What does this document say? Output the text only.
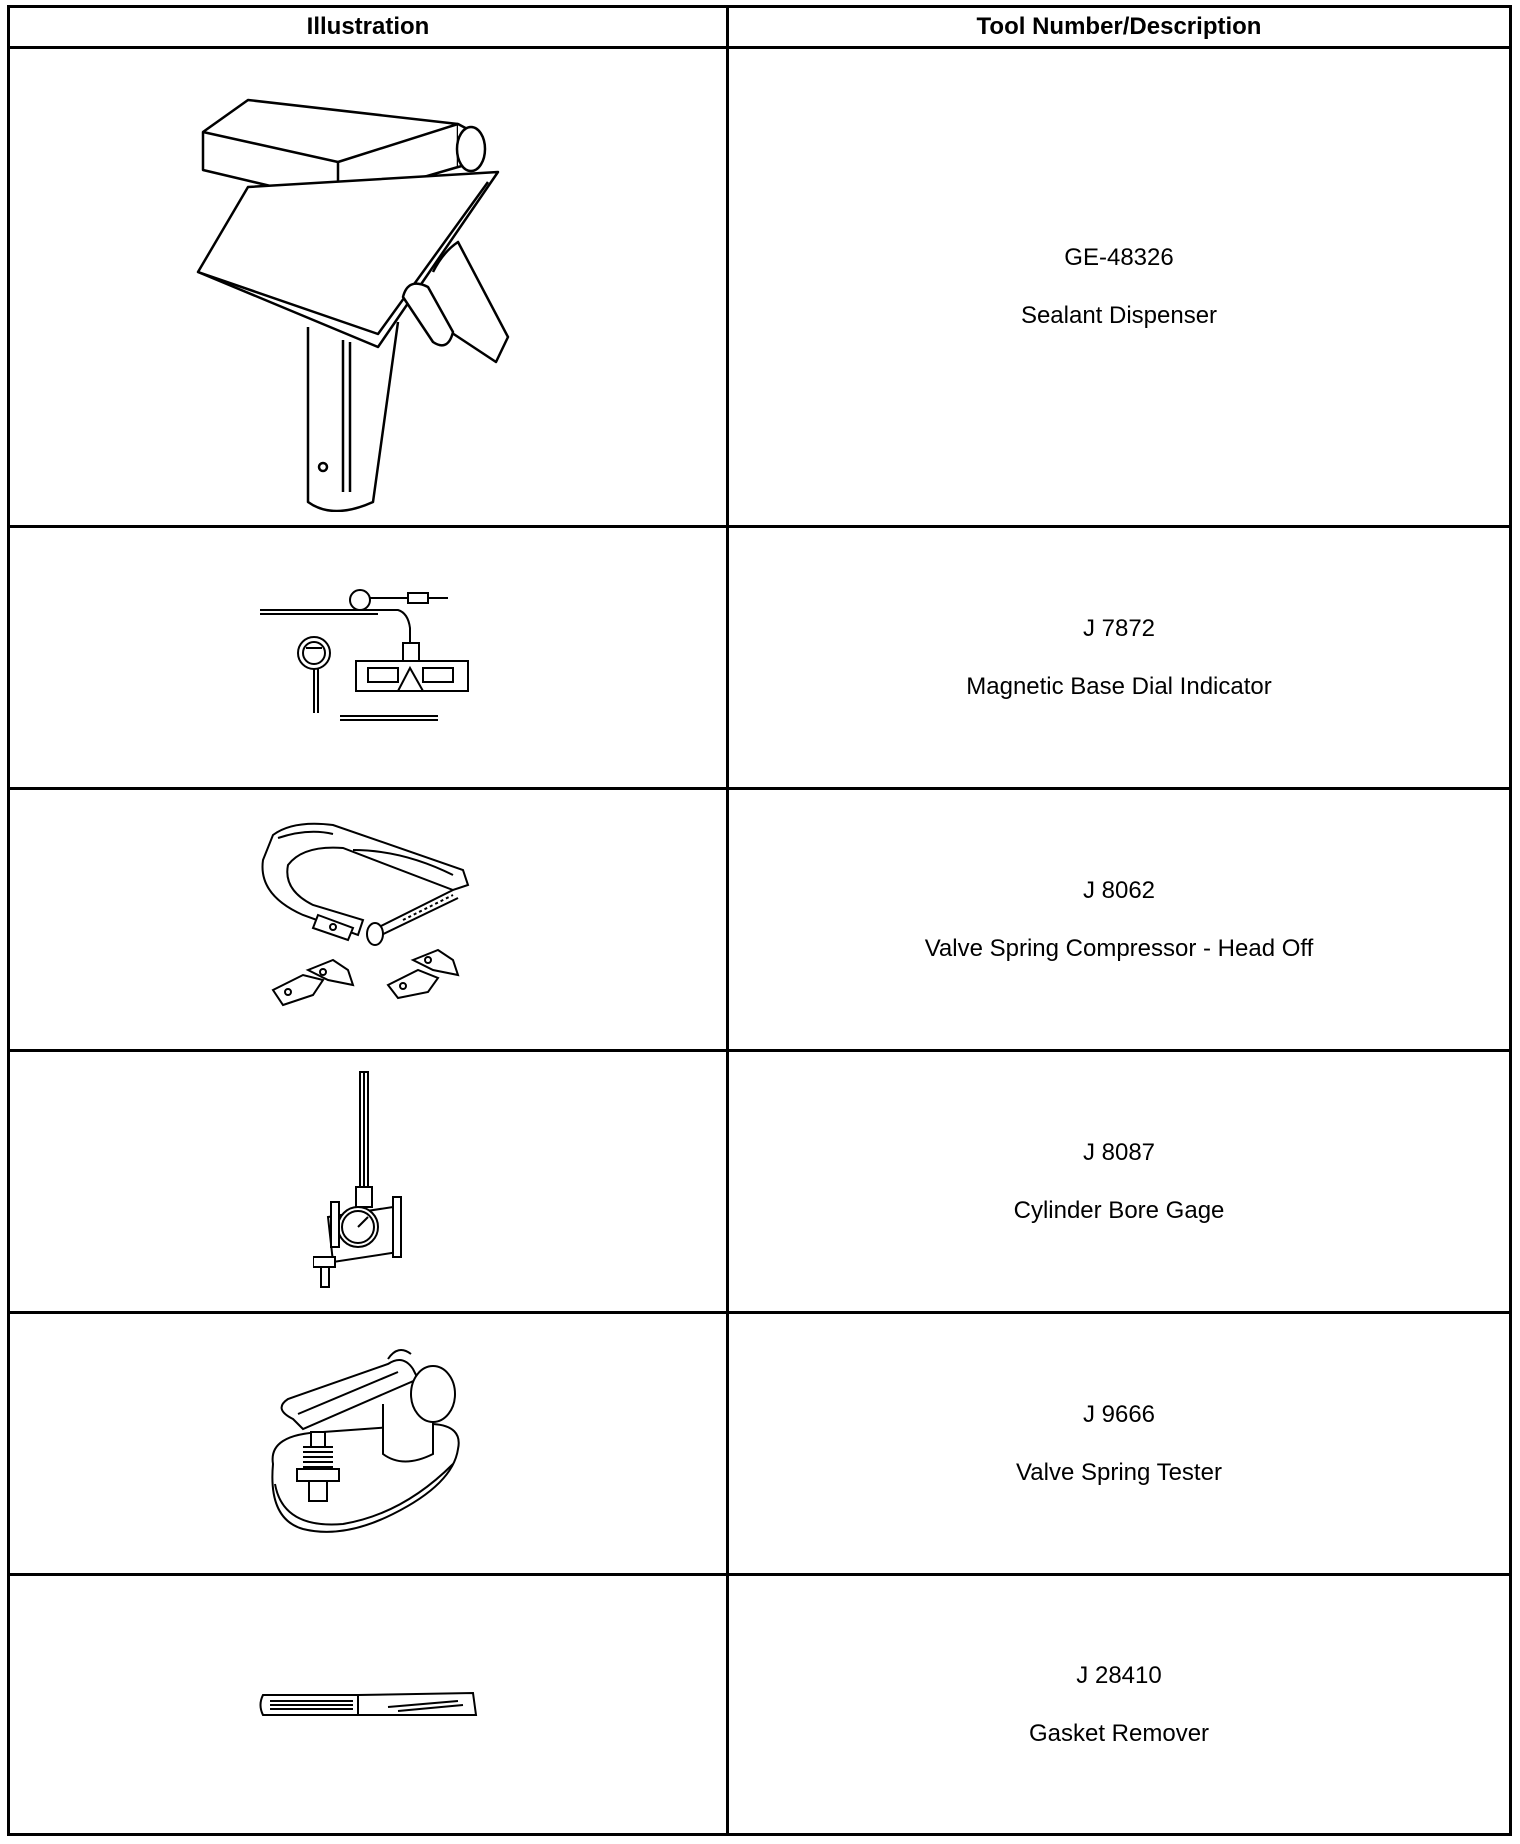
Illustration	Tool Number/Description

GE-48326
Sealant Dispenser

J 7872
Magnetic Base Dial Indicator

J 8062
Valve Spring Compressor - Head Off

J 8087
Cylinder Bore Gage

J 9666
Valve Spring Tester

J 28410
Gasket Remover
